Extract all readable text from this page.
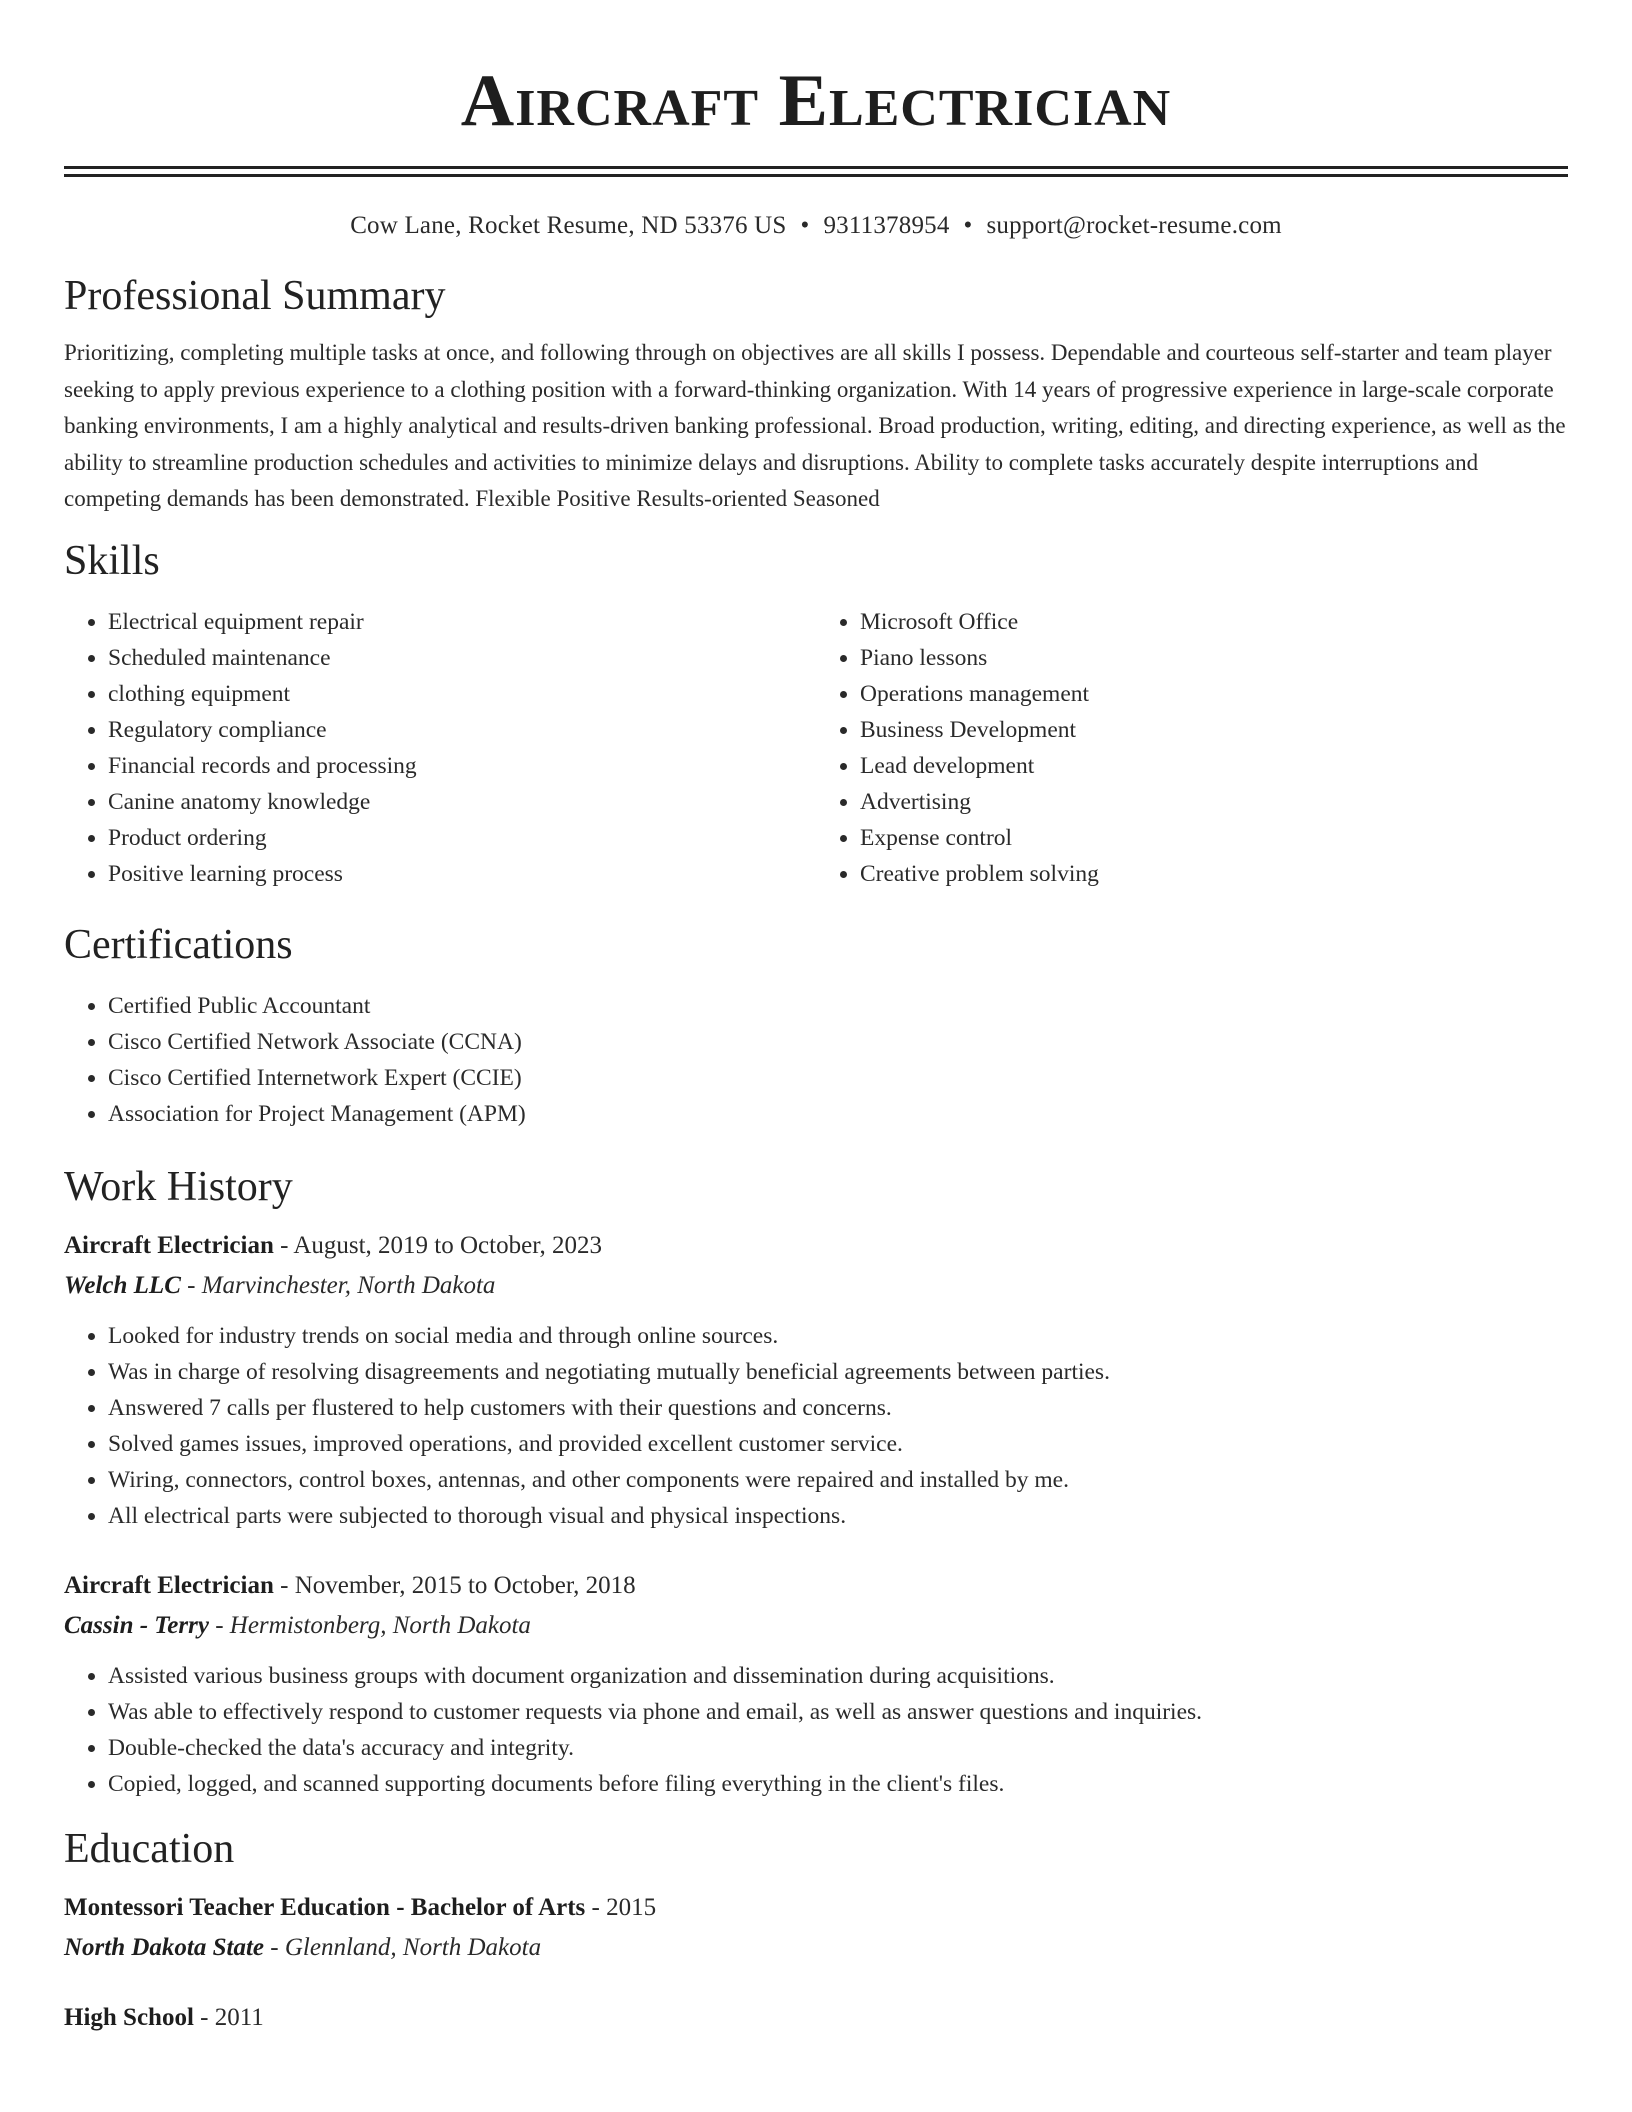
Aircraft Electrician
Cow Lane, Rocket Resume, ND 53376 US • 9311378954 • support@rocket-resume.com
Professional Summary

Prioritizing, completing multiple tasks at once, and following through on objectives are all skills I possess. Dependable and courteous self-starter and team player seeking to apply previous experience to a clothing position with a forward-thinking organization. With 14 years of progressive experience in large-scale corporate banking environments, I am a highly analytical and results-driven banking professional. Broad production, writing, editing, and directing experience, as well as the ability to streamline production schedules and activities to minimize delays and disruptions. Ability to complete tasks accurately despite interruptions and competing demands has been demonstrated. Flexible Positive Results-oriented Seasoned

Skills
• Electrical equipment repair
• Scheduled maintenance
• clothing equipment
• Regulatory compliance
• Financial records and processing
• Canine anatomy knowledge
• Product ordering
• Positive learning process
• Microsoft Office
• Piano lessons
• Operations management
• Business Development
• Lead development
• Advertising
• Expense control
• Creative problem solving
Certifications
• Certified Public Accountant
• Cisco Certified Network Associate (CCNA)
• Cisco Certified Internetwork Expert (CCIE)
• Association for Project Management (APM)
Work History
Aircraft Electrician - August, 2019 to October, 2023
Welch LLC - Marvinchester, North Dakota
• Looked for industry trends on social media and through online sources.
• Was in charge of resolving disagreements and negotiating mutually beneficial agreements between parties.
• Answered 7 calls per flustered to help customers with their questions and concerns.
• Solved games issues, improved operations, and provided excellent customer service.
• Wiring, connectors, control boxes, antennas, and other components were repaired and installed by me.
• All electrical parts were subjected to thorough visual and physical inspections.
Aircraft Electrician - November, 2015 to October, 2018
Cassin - Terry - Hermistonberg, North Dakota
• Assisted various business groups with document organization and dissemination during acquisitions.
• Was able to effectively respond to customer requests via phone and email, as well as answer questions and inquiries.
• Double-checked the data's accuracy and integrity.
• Copied, logged, and scanned supporting documents before filing everything in the client's files.
Education
Montessori Teacher Education - Bachelor of Arts - 2015
North Dakota State - Glennland, North Dakota
High School - 2011
